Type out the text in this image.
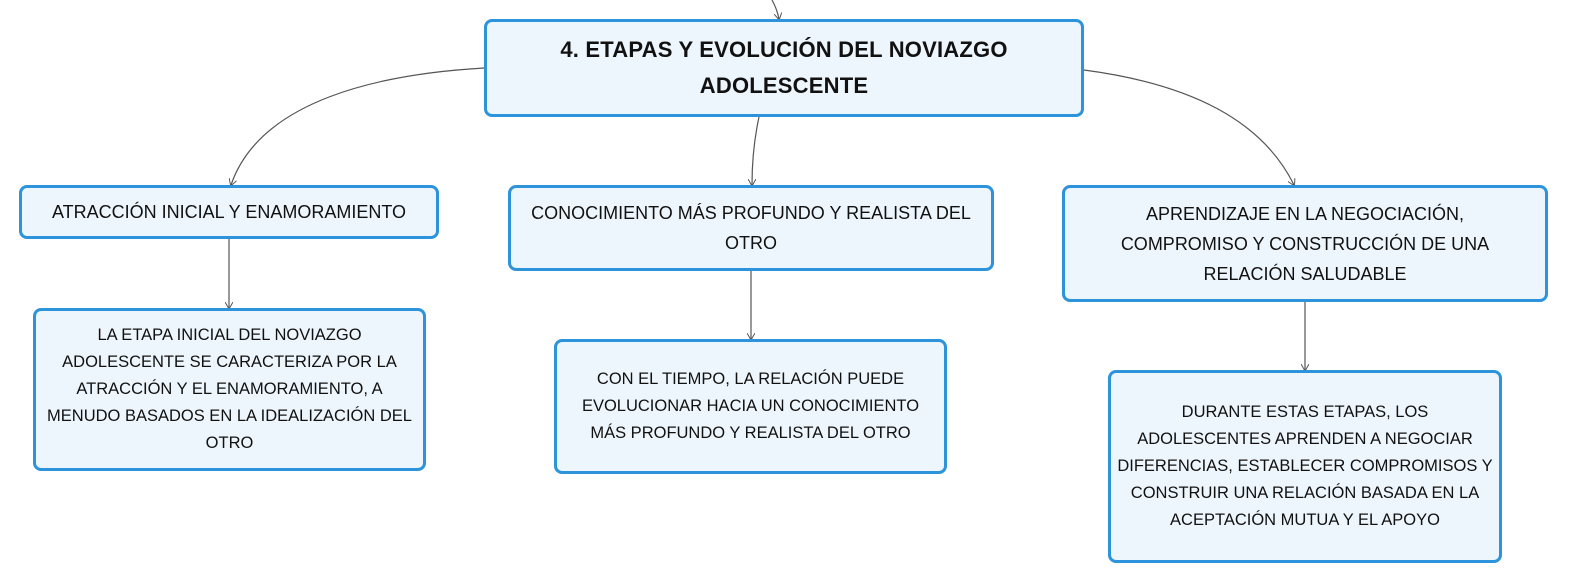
4. ETAPAS Y EVOLUCIÓN DEL NOVIAZGO ADOLESCENTE
ATRACCIÓN INICIAL Y ENAMORAMIENTO	CONOCIMIENTO MÁS PROFUNDO Y REALISTA DEL OTRO
APRENDIZAJE EN LA NEGOCIACIÓN, COMPROMISO Y CONSTRUCCIÓN DE UNA RELACIÓN SALUDABLE
LA ETAPA INICIAL DEL NOVIAZGO ADOLESCENTE SE CARACTERIZA POR LA ATRACCIÓN Y EL ENAMORAMIENTO, A MENUDO BASADOS EN LA IDEALIZACIÓN DEL OTRO
CON EL TIEMPO, LA RELACIÓN PUEDE EVOLUCIONAR HACIA UN CONOCIMIENTO MÁS PROFUNDO Y REALISTA DEL OTRO
DURANTE ESTAS ETAPAS, LOS ADOLESCENTES APRENDEN A NEGOCIAR DIFERENCIAS, ESTABLECER COMPROMISOS Y CONSTRUIR UNA RELACIÓN BASADA EN LA ACEPTACIÓN MUTUA Y EL APOYO
